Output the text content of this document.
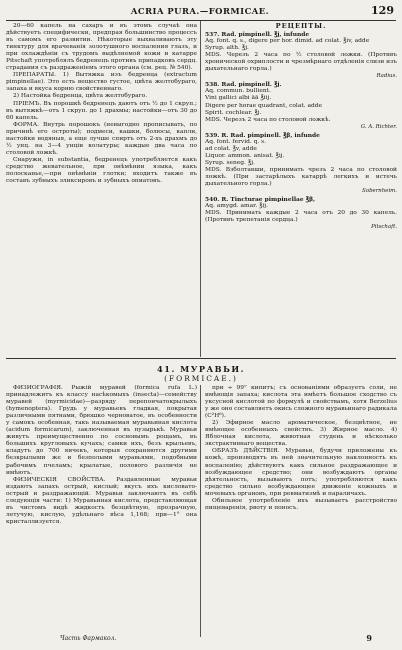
ACRIA PURA.—FORMICAE.	129

20—60 капель на сахаръ и въ этомъ случаѣ она дѣйствуетъ специфически, предпрая большинство процессъ въ самомъ его развитии. Нѣкоторые выхваливаютъ эту тинктуру для врачеванія золотушного воспаления глазъ, и при охлаждѣніи съ трудомъ выдѣлнемой кожи и катарре Pitschaft употреблялъ бедренецъ противъ припадковъ сердц. страдания съ раздраженіемъ этого органа (см. рец. № 540).

ПРЕПАРАТЫ. 1) Вытяжка изъ бедренца (extractum pimpinellae). Это есть вещество густое, цвѣта желтобураго, запаха и вкуса корню свойственнаго.

2) Настойка бедренца, цвѣта желтобураго.

ПРІЕМЪ. Въ порошкѣ бедренецъ даютъ отъ ½ до 1 скруп.; въ вытяжкѣ—отъ 1 скруп. до 1 драхмы; настойки—отъ 30 до 60 капель.

ФОРМА. Внутрь порошокъ (невыгодно прописывать, по причинѣ его остроты); подмеси, кашки, болюсы, капли, настойки водяныя, а еще лучше спиртъ отъ 2-хъ драхмъ до ½ унц. на 3—4 унціи колатуры; каждые два часа по столовой ложкѣ.

Снаружи, in substantia, бедренецъ употребляется какъ средство жевательное, при онѣмѣнии языка, какъ полосканье,—при онѣмѣніи глотки; входитъ также въ составъ зубныхъ эликсировъ и зубныхъ опиатовъ.

РЕЦЕПТЫ.
537. Rad. pimpinell. ℥j, infunde
Aq. font. q. s., digere per hor. dimid. ad colat. ℥iv, adde
Syrup. alth. ℥j.
MDS. Черезъ 2 часа по ½ столовой ложки. (Противъ хронической охриплости и чрезмѣрнаго отдѣленія слизи изъ дыхательнаго горла.)
Radius.
538. Rad. pimpinell. ℥j.
Aq. commun. bullient.
Vini gallici albi āā ℥iij.
Digere per horae quadrant, colat. adde
Spirit. cochlear. ℥j.
MDS. Черезъ 2 часа по столовой ложкѣ.
G. A. Richter.
539. R. Rad. pimpinell. ℥β, infunde
Aq. font. fervid. q. s.
ad colat. ℥v, adde
Liquor. ammon. anisat. ℥ij.
Syrup. seneg. ℥j.
MDS. Взболтавши, принимать чрезъ 2 часа по столовой ложкѣ. (При застарѣлыхъ катаррѣ легкихъ и истечь дыхательного горла.)
Sobernheim.
540. R. Tincturae pimpinellae ℥β,
Aq. amygd. amar. ℥ij.
MDS. Принимать каждые 2 часа отъ 20 до 30 капель. (Противъ трепетанія сердца.)
Pitschaft.
41. МУРАВЬИ.
(FORMICAE.)

ФИЗИОГРАФІЯ. Рыжій муравей (formica rufa L.) принадлежитъ къ классу насѣкомыхъ (insecta)—семейству муравей (myrmicidae)—разряду перепончатокрылыхъ (hymenoptera). Грудь у муравьевъ гладкая, покрытая различными пятнами, брюшко черноватое, въ особенности у самокъ особенная, такъ называемая муравьиная кислота (acidum formicarum), заключенная въ пузырькѣ. Муравьи живутъ преимущественно по сосновымъ рощамъ, въ большихъ кругловыхъ кучахъ; самки ихъ, безъ крыльевъ, кладутъ до 700 яичекъ, которыя сохраняются другими безкрылыми же и безполыми муравьями, подобными рабочимъ пчеламъ; крылатые, полового различія не имѣютъ.

ФИЗИЧЕСКІЯ СВОЙСТВА. Раздавленные муравьи издаютъ запахъ острый, кислый; вкусъ ихъ кисловато-острый и раздражающій. Муравьи заключаютъ въ себѣ следующія части: 1) Муравьиная кислота, представляющая въ чистомъ видѣ жидкость безцвѣтную, прозрачную, летучую, кислую, удѣльнаго вѣса 1,168; при—1° она кристаллизуется.

при ÷ 99° кипитъ; съ основаніями образуетъ соли, не имѣющія запаха; кислота эта имѣетъ большое сходство съ уксусной кислотой по формулѣ и свойствамъ, хотя Berzelius у же оно составляетъ окись сложного муравьинаго радикала (C²H⁶).

2) Эфирное масло ароматическое, безцвѣтное, не имѣющее особенныхъ свойствъ. 3) Жирное масло. 4) Яблочная кислота, животная студень и нѣсколько экстрактивнаго вещества.

ОБРАЗЪ ДѢЙСТВІЯ. Муравьи, будучи приложены къ кожѣ, производятъ въ ней значительную наклонность къ воспаленію; дѣйствуютъ какъ сильное раздражающее и возбуждающее средство; они возбуждаютъ органы дѣятельность, вызываютъ потъ; употребляются какъ средство сильно возбуждающее движеніе кожныхъ и мочевыхъ органовъ, при ревматизмѣ и параличахъ.

Обильное употребленіе ихъ вызываетъ расстройство пищеваренія, рвоту и поносъ.

Часть Фармакол.	9
